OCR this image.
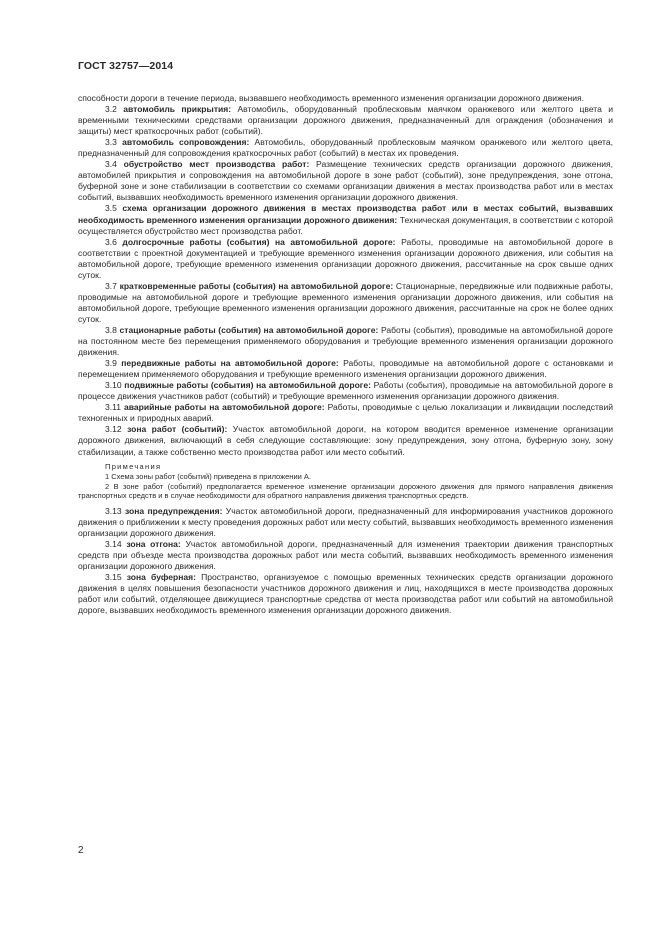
ГОСТ 32757—2014

способности дороги в течение периода, вызвавшего необходимость временного изменения организации дорожного движения.

3.2 автомобиль прикрытия: Автомобиль, оборудованный проблесковым маячком оранжевого или желтого цвета и временными техническими средствами организации дорожного движения, предназначенный для ограждения (обозначения и защиты) мест краткосрочных работ (событий).

3.3 автомобиль сопровождения: Автомобиль, оборудованный проблесковым маячком оранжевого или желтого цвета, предназначенный для сопровождения краткосрочных работ (событий) в местах их проведения.

3.4 обустройство мест производства работ: Размещение технических средств организации дорожного движения, автомобилей прикрытия и сопровождения на автомобильной дороге в зоне работ (событий), зоне предупреждения, зоне отгона, буферной зоне и зоне стабилизации в соответствии со схемами организации движения в местах производства работ или в местах событий, вызвавших необходимость временного изменения организации дорожного движения.

3.5 схема организации дорожного движения в местах производства работ или в местах событий, вызвавших необходимость временного изменения организации дорожного движения: Техническая документация, в соответствии с которой осуществляется обустройство мест производства работ.

3.6 долгосрочные работы (события) на автомобильной дороге: Работы, проводимые на автомобильной дороге в соответствии с проектной документацией и требующие временного изменения организации дорожного движения, или события на автомобильной дороге, требующие временного изменения организации дорожного движения, рассчитанные на срок свыше одних суток.

3.7 кратковременные работы (события) на автомобильной дороге: Стационарные, передвижные или подвижные работы, проводимые на автомобильной дороге и требующие временного изменения организации дорожного движения, или события на автомобильной дороге, требующие временного изменения организации дорожного движения, рассчитанные на срок не более одних суток.

3.8 стационарные работы (события) на автомобильной дороге: Работы (события), проводимые на автомобильной дороге на постоянном месте без перемещения применяемого оборудования и требующие временного изменения организации дорожного движения.

3.9 передвижные работы на автомобильной дороге: Работы, проводимые на автомобильной дороге с остановками и перемещением применяемого оборудования и требующие временного изменения организации дорожного движения.

3.10 подвижные работы (события) на автомобильной дороге: Работы (события), проводимые на автомобильной дороге в процессе движения участников работ (событий) и требующие временного изменения организации дорожного движения.

3.11 аварийные работы на автомобильной дороге: Работы, проводимые с целью локализации и ликвидации последствий техногенных и природных аварий.

3.12 зона работ (событий): Участок автомобильной дороги, на котором вводится временное изменение организации дорожного движения, включающий в себя следующие составляющие: зону предупреждения, зону отгона, буферную зону, зону стабилизации, а также собственно место производства работ или место событий.

Примечания

1 Схема зоны работ (событий) приведена в приложении А.

2 В зоне работ (событий) предполагается временное изменение организации дорожного движения для прямого направления движения транспортных средств и в случае необходимости для обратного направления движения транспортных средств.

3.13 зона предупреждения: Участок автомобильной дороги, предназначенный для информирования участников дорожного движения о приближении к месту проведения дорожных работ или месту событий, вызвавших необходимость временного изменения организации дорожного движения.

3.14 зона отгона: Участок автомобильной дороги, предназначенный для изменения траектории движения транспортных средств при объезде места производства дорожных работ или места событий, вызвавших необходимость временного изменения организации дорожного движения.

3.15 зона буферная: Пространство, организуемое с помощью временных технических средств организации дорожного движения в целях повышения безопасности участников дорожного движения и лиц, находящихся в месте производства дорожных работ или событий, отделяющее движущиеся транспортные средства от места производства работ или событий на автомобильной дороге, вызвавших необходимость временного изменения организации дорожного движения.

2
